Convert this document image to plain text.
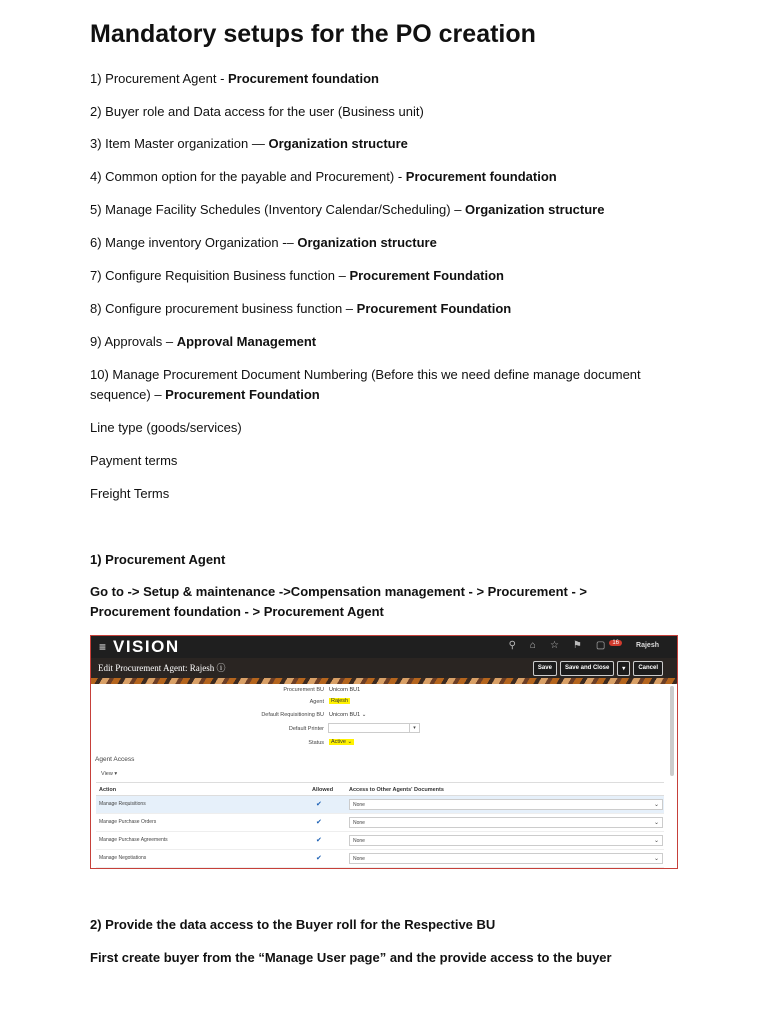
Mandatory setups for the PO creation
1) Procurement Agent - Procurement foundation
2) Buyer role and Data access for the user (Business unit)
3) Item Master organization — Organization structure
4) Common option for the payable and Procurement) - Procurement foundation
5) Manage Facility Schedules (Inventory Calendar/Scheduling) – Organization structure
6) Mange inventory Organization -– Organization structure
7) Configure Requisition Business function – Procurement Foundation
8) Configure procurement business function – Procurement Foundation
9) Approvals – Approval Management
10) Manage Procurement Document Numbering (Before this we need define manage document sequence) – Procurement Foundation
Line type (goods/services)
Payment terms
Freight Terms
1) Procurement Agent
Go to -> Setup & maintenance ->Compensation management - > Procurement - > Procurement foundation - > Procurement Agent
2) Provide the data access to the Buyer roll for the Respective BU
First create buyer from the “Manage User page” and the provide access to the buyer
≡ VISION	⚲ ⌂ ☆ ⚑ ▢	16	Rajesh
Edit Procurement Agent: Rajesh ⓘ	Save	Save and Close	▾	Cancel
Procurement BU Unicorn BU1
Agent	Rajesh
Default Requisitioning BU Unicorn BU1 ⌄
Default Printer	▾
Status	Active ⌄
Agent Access
View ▾
Action	Allowed	Access to Other Agents' Documents
Manage Requisitions	✔	None	⌄
Manage Purchase Orders	✔	None	⌄
Manage Purchase Agreements	✔	None	⌄
Manage Negotiations	✔	None	⌄
